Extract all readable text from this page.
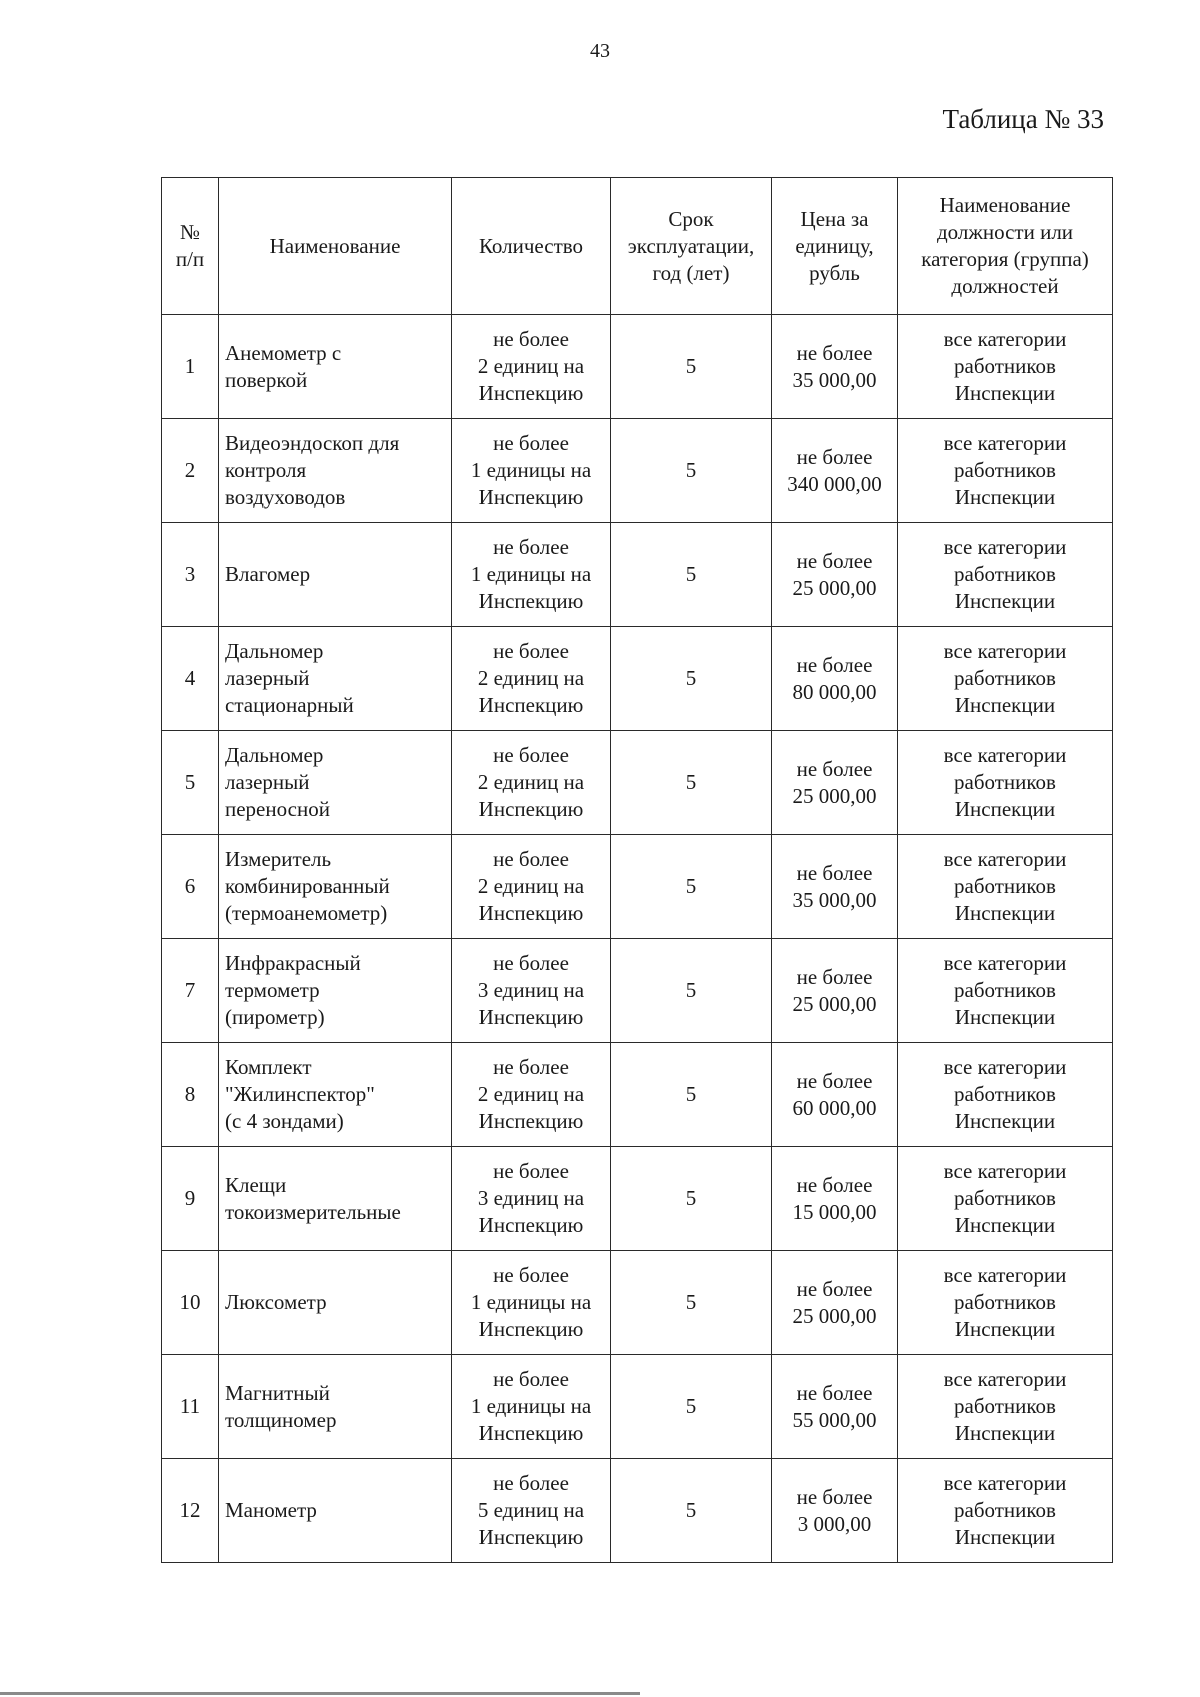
43
Таблица № 33
№
п/п	Наименование	Количество	Срок
эксплуатации,
год (лет)	Цена за
единицу,
рубль	Наименование
должности или
категория (группа)
должностей
1	Анемометр с
поверкой	не более
2 единиц на
Инспекцию	5	не более
35 000,00	все категории
работников
Инспекции
2	Видеоэндоскоп для
контроля
воздуховодов	не более
1 единицы на
Инспекцию	5	не более
340 000,00	все категории
работников
Инспекции
3	Влагомер	не более
1 единицы на
Инспекцию	5	не более
25 000,00	все категории
работников
Инспекции
4	Дальномер
лазерный
стационарный	не более
2 единиц на
Инспекцию	5	не более
80 000,00	все категории
работников
Инспекции
5	Дальномер
лазерный
переносной	не более
2 единиц на
Инспекцию	5	не более
25 000,00	все категории
работников
Инспекции
6	Измеритель
комбинированный
(термоанемометр)	не более
2 единиц на
Инспекцию	5	не более
35 000,00	все категории
работников
Инспекции
7	Инфракрасный
термометр
(пирометр)	не более
3 единиц на
Инспекцию	5	не более
25 000,00	все категории
работников
Инспекции
8	Комплект
"Жилинспектор"
(с 4 зондами)	не более
2 единиц на
Инспекцию	5	не более
60 000,00	все категории
работников
Инспекции
9	Клещи
токоизмерительные	не более
3 единиц на
Инспекцию	5	не более
15 000,00	все категории
работников
Инспекции
10	Люксометр	не более
1 единицы на
Инспекцию	5	не более
25 000,00	все категории
работников
Инспекции
11	Магнитный
толщиномер	не более
1 единицы на
Инспекцию	5	не более
55 000,00	все категории
работников
Инспекции
12	Манометр	не более
5 единиц на
Инспекцию	5	не более
3 000,00	все категории
работников
Инспекции
